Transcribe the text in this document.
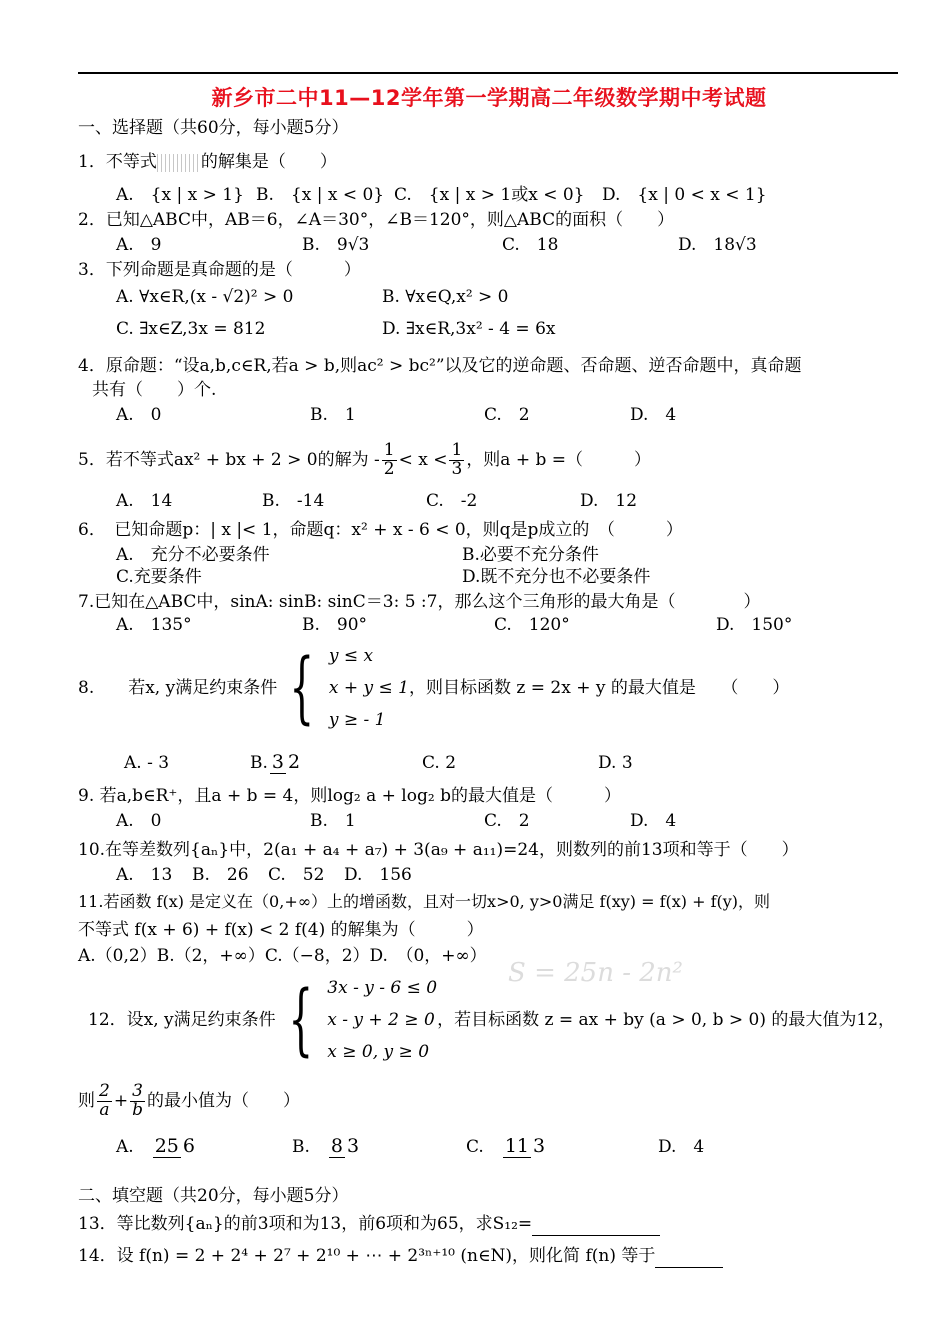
新乡市二中11—12学年第一学期高二年级数学期中考试题
一、选择题（共60分，每小题5分）
1．不等式	的解集是（　　）
A.　{x | x > 1} B.　{x | x < 0} C.　{x | x > 1或x < 0}	D.　{x | 0 < x < 1}
2．已知△ABC中，AB＝6，∠A＝30°，∠B＝120°，则△ABC的面积（　　）
A.　9	B.　9√3	C.　18	D.　18√3
3．下列命题是真命题的是（　　　）
A. ∀x∈R,(x - √2)² > 0	B. ∀x∈Q,x² > 0
C. ∃x∈Z,3x = 812	D. ∃x∈R,3x² - 4 = 6x
4．原命题：“设a,b,c∈R,若a > b,则ac² > bc²”以及它的逆命题、否命题、逆否命题中，真命题
共有（　　）个.
A.　0	B.　1	C.　2	D.　4
5．若不等式ax² + bx + 2 > 0的解为 - $\frac{1}{2} < x < \frac{1}{3}$ ，则a + b =（　　　）
A.　14	B.　-14	C.　-2	D.　12
6．　已知命题p：| x |< 1，命题q：x² + x - 6 < 0，则q是p成立的　（　　　）
A.　充分不必要条件	B.必要不充分条件
C.充要条件	D.既不充分也不必要条件
7.已知在△ABC中，sinA: sinB: sinC＝3: 5 :7，那么这个三角形的最大角是（　　　　）
A.　135°	B.　90°	C.　120°	D.　150°
8.　　若x, y满足约束条件 { y ≤ x
x + y ≤ 1
y ≥ - 1
，则目标函数 z = 2x + y 的最大值是　　（　　）
A. - 3	B. 3 2	C. 2	D. 3
9. 若a,b∈R⁺，且a + b = 4，则log₂ a + log₂ b的最大值是（　　　）
A.　0	B.　1	C.　2	D.　4
10.在等差数列{aₙ}中，2(a₁ + a₄ + a₇) + 3(a₉ + a₁₁)=24，则数列的前13项和等于（　　）
A.　13	B.　26	C.　52	D.　156
11.若函数 f(x) 是定义在（0,+∞）上的增函数，且对一切x>0, y>0满足 f(xy) = f(x) + f(y)，则
不等式 f(x + 6) + f(x) < 2 f(4) 的解集为（　　　）
A.（0,2）B.（2，+∞）C.（−8，2）D.　（0，+∞）
12．设x, y满足约束条件 { 3x - y - 6 ≤ 0
x - y + 2 ≥ 0
x ≥ 0, y ≥ 0
，若目标函数 z = ax + by (a > 0, b > 0) 的最大值为12，
则 $\frac{2}{a} + \frac{3}{b}$ 的最小值为（　　）
A.　 25 6	B.　 8 3	C.　 11 3	D.　4
二、填空题（共20分，每小题5分）
13．等比数列{aₙ}的前3项和为13，前6项和为65，求S₁₂=
14．设 f(n) = 2 + 2⁴ + 2⁷ + 2¹⁰ + ⋯ + 2³ⁿ⁺¹⁰ (n∈N)，则化简 f(n) 等于
S = 25n - 2n²
